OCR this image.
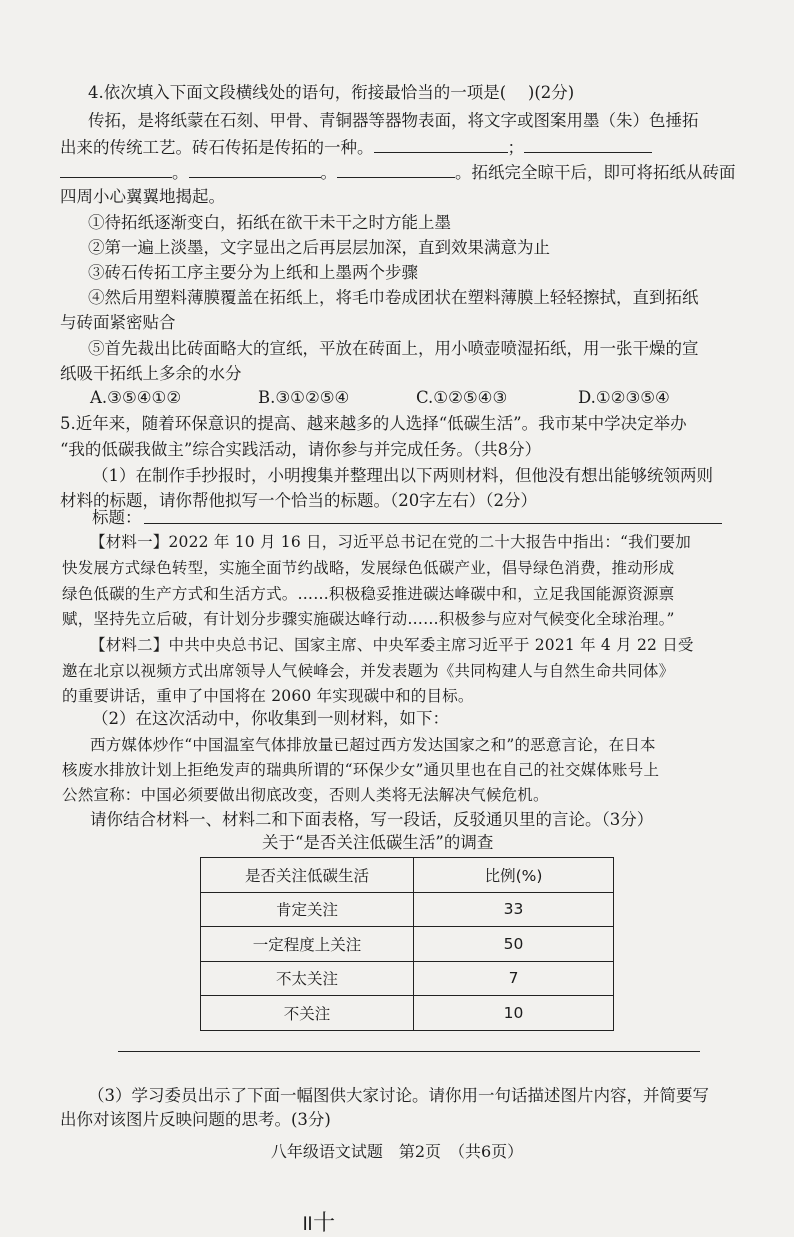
4.依次填入下面文段横线处的语句，衔接最恰当的一项是(　 )(2分)
传拓，是将纸蒙在石刻、甲骨、青铜器等器物表面，将文字或图案用墨（朱）色捶拓
出来的传统工艺。砖石传拓是传拓的一种。	；
。	。	。拓纸完全晾干后，即可将拓纸从砖面
四周小心翼翼地揭起。
①待拓纸逐渐变白，拓纸在欲干未干之时方能上墨
②第一遍上淡墨，文字显出之后再层层加深，直到效果满意为止
③砖石传拓工序主要分为上纸和上墨两个步骤
④然后用塑料薄膜覆盖在拓纸上，将毛巾卷成团状在塑料薄膜上轻轻擦拭，直到拓纸
与砖面紧密贴合
⑤首先裁出比砖面略大的宣纸，平放在砖面上，用小喷壶喷湿拓纸，用一张干燥的宣
纸吸干拓纸上多余的水分
A.③⑤④①②	B.③①②⑤④	C.①②⑤④③	D.①②③⑤④
5.近年来，随着环保意识的提高、越来越多的人选择“低碳生活”。我市某中学决定举办
“我的低碳我做主”综合实践活动，请你参与并完成任务。（共8分）
（1）在制作手抄报时，小明搜集并整理出以下两则材料，但他没有想出能够统领两则
材料的标题，请你帮他拟写一个恰当的标题。（20字左右）（2分）
标题：
【材料一】2022 年 10 月 16 日，习近平总书记在党的二十大报告中指出：“我们要加
快发展方式绿色转型，实施全面节约战略，发展绿色低碳产业，倡导绿色消费，推动形成
绿色低碳的生产方式和生活方式。……积极稳妥推进碳达峰碳中和，立足我国能源资源禀
赋，坚持先立后破，有计划分步骤实施碳达峰行动……积极参与应对气候变化全球治理。”
【材料二】中共中央总书记、国家主席、中央军委主席习近平于 2021 年 4 月 22 日受
邀在北京以视频方式出席领导人气候峰会，并发表题为《共同构建人与自然生命共同体》
的重要讲话，重申了中国将在 2060 年实现碳中和的目标。
（2）在这次活动中，你收集到一则材料，如下：
西方媒体炒作“中国温室气体排放量已超过西方发达国家之和”的恶意言论，在日本
核废水排放计划上拒绝发声的瑞典所谓的“环保少女”通贝里也在自己的社交媒体账号上
公然宣称：中国必须要做出彻底改变，否则人类将无法解决气候危机。
请你结合材料一、材料二和下面表格，写一段话，反驳通贝里的言论。（3分）
关于“是否关注低碳生活”的调查
是否关注低碳生活	比例(%)
肯定关注	33
一定程度上关注	50
不太关注	7
不关注	10
（3）学习委员出示了下面一幅图供大家讨论。请你用一句话描述图片内容，并简要写
出你对该图片反映问题的思考。(3分)
八年级语文试题　第2页　（共6页）
॥十
